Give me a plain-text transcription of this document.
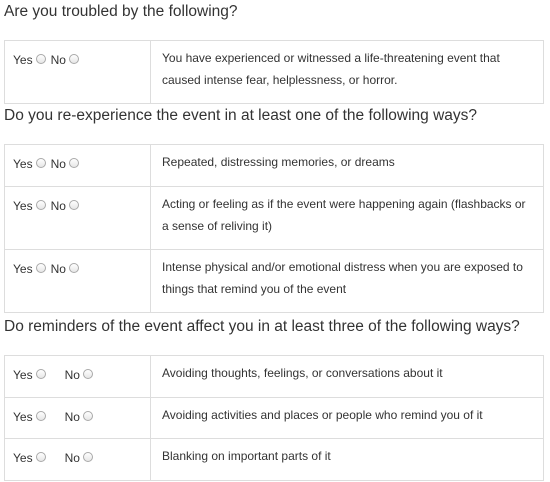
Are you troubled by the following?
Yes No	You have experienced or witnessed a life-threatening event that caused intense fear, helplessness, or horror.
Do you re-experience the event in at least one of the following ways?
Yes No	Repeated, distressing memories, or dreams

Yes No	Acting or feeling as if the event were happening again (flashbacks or a sense of reliving it)

Yes No	Intense physical and/or emotional distress when you are exposed to things that remind you of the event
Do reminders of the event affect you in at least three of the following ways?
Yes No	Avoiding thoughts, feelings, or conversations about it

Yes No	Avoiding activities and places or people who remind you of it

Yes No	Blanking on important parts of it
